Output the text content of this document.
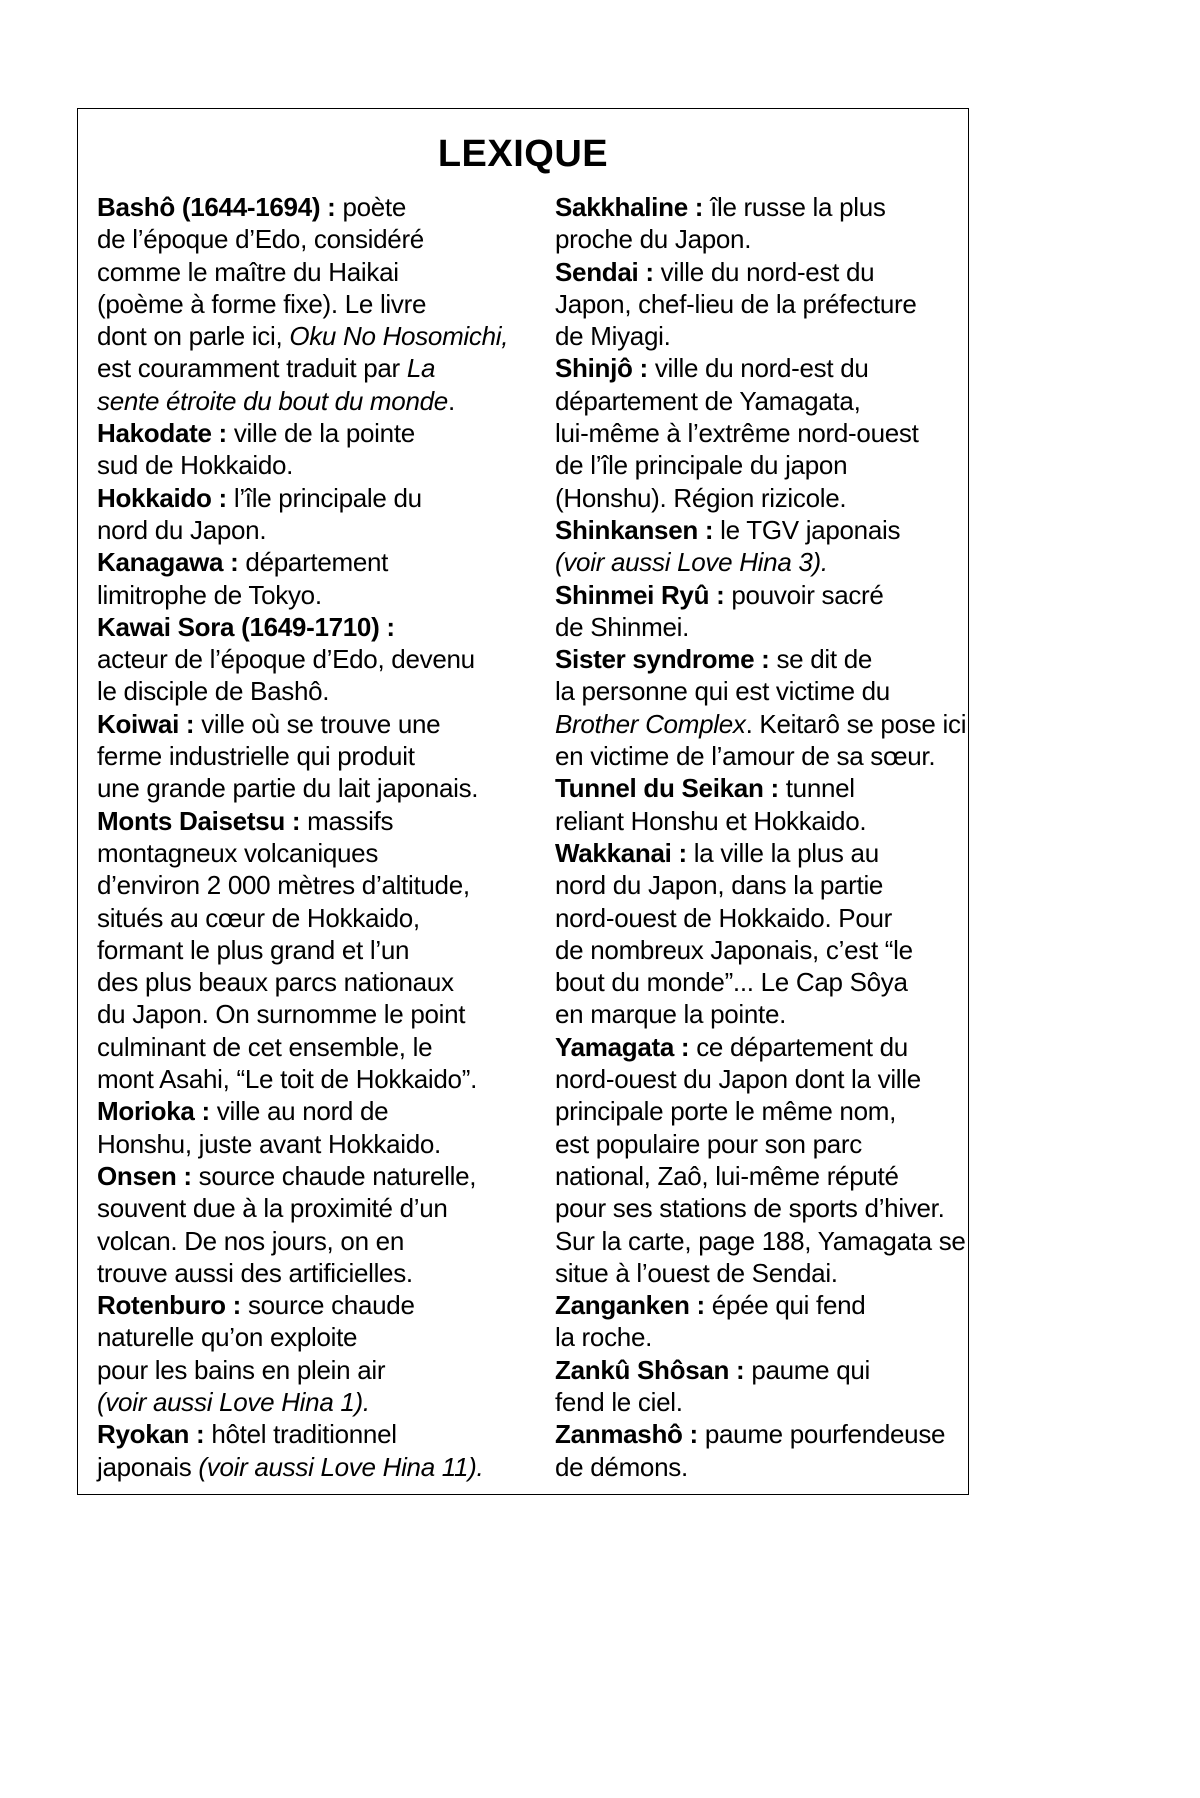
LEXIQUE
Bashô (1644-1694) : poète
de l’époque d’Edo, considéré
comme le maître du Haikai
(poème à forme fixe). Le livre
dont on parle ici, Oku No Hosomichi,
est couramment traduit par La
sente étroite du bout du monde.
Hakodate : ville de la pointe
sud de Hokkaido.
Hokkaido : l’île principale du
nord du Japon.
Kanagawa : département
limitrophe de Tokyo.
Kawai Sora (1649-1710) :
acteur de l’époque d’Edo, devenu
le disciple de Bashô.
Koiwai : ville où se trouve une
ferme industrielle qui produit
une grande partie du lait japonais.
Monts Daisetsu : massifs
montagneux volcaniques
d’environ 2 000 mètres d’altitude,
situés au cœur de Hokkaido,
formant le plus grand et l’un
des plus beaux parcs nationaux
du Japon. On surnomme le point
culminant de cet ensemble, le
mont Asahi, “Le toit de Hokkaido”.
Morioka : ville au nord de
Honshu, juste avant Hokkaido.
Onsen : source chaude naturelle,
souvent due à la proximité d’un
volcan. De nos jours, on en
trouve aussi des artificielles.
Rotenburo : source chaude
naturelle qu’on exploite
pour les bains en plein air
(voir aussi Love Hina 1).
Ryokan : hôtel traditionnel
japonais (voir aussi Love Hina 11).
Sakkhaline : île russe la plus
proche du Japon.
Sendai : ville du nord-est du
Japon, chef-lieu de la préfecture
de Miyagi.
Shinjô : ville du nord-est du
département de Yamagata,
lui-même à l’extrême nord-ouest
de l’île principale du japon
(Honshu). Région rizicole.
Shinkansen : le TGV japonais
(voir aussi Love Hina 3).
Shinmei Ryû : pouvoir sacré
de Shinmei.
Sister syndrome : se dit de
la personne qui est victime du
Brother Complex. Keitarô se pose ici
en victime de l’amour de sa sœur.
Tunnel du Seikan : tunnel
reliant Honshu et Hokkaido.
Wakkanai : la ville la plus au
nord du Japon, dans la partie
nord-ouest de Hokkaido. Pour
de nombreux Japonais, c’est “le
bout du monde”... Le Cap Sôya
en marque la pointe.
Yamagata : ce département du
nord-ouest du Japon dont la ville
principale porte le même nom,
est populaire pour son parc
national, Zaô, lui-même réputé
pour ses stations de sports d’hiver.
Sur la carte, page 188, Yamagata se
situe à l’ouest de Sendai.
Zanganken : épée qui fend
la roche.
Zankû Shôsan : paume qui
fend le ciel.
Zanmashô : paume pourfendeuse
de démons.
